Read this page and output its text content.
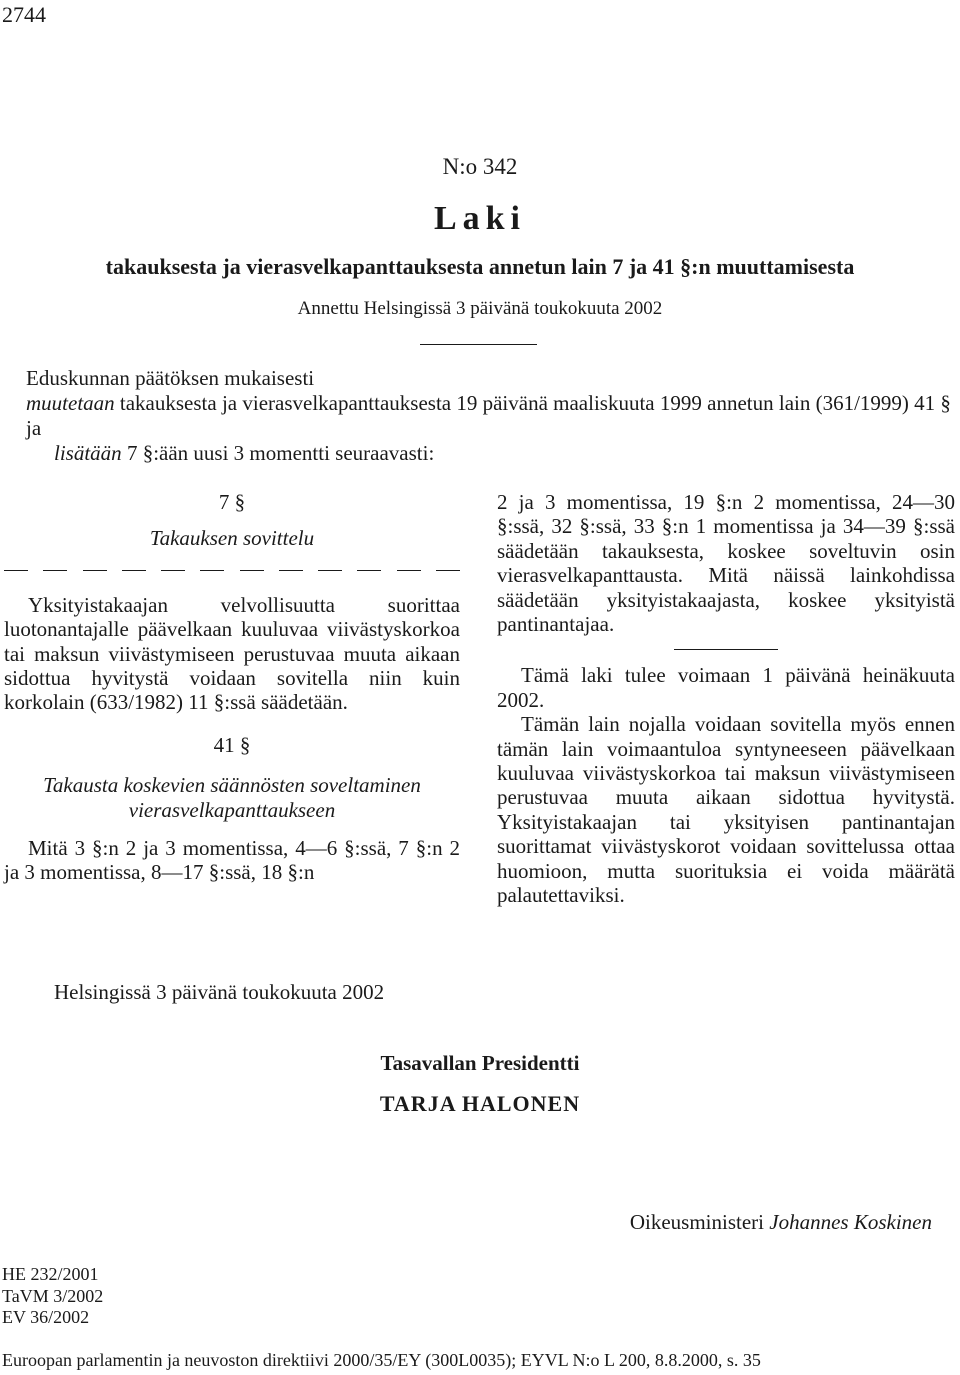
2744
N:o 342
Laki
takauksesta ja vierasvelkapanttauksesta annetun lain 7 ja 41 §:n muuttamisesta
Annettu Helsingissä 3 päivänä toukokuuta 2002

Eduskunnan päätöksen mukaisesti

muutetaan takauksesta ja vierasvelkapanttauksesta 19 päivänä maaliskuuta 1999 annetun lain (361/1999) 41 § ja

lisätään 7 §:ään uusi 3 momentti seuraavasti:

7 §

Takauksen sovittelu

Yksityistakaajan velvollisuutta suorittaa luotonantajalle päävelkaan kuuluvaa viivästyskorkoa tai maksun viivästymiseen perustuvaa muuta aikaan sidottua hyvitystä voidaan sovitella niin kuin korkolain (633/1982) 11 §:ssä säädetään.

41 §

Takausta koskevien säännösten soveltaminen

vierasvelkapanttaukseen

Mitä 3 §:n 2 ja 3 momentissa, 4—6 §:ssä, 7 §:n 2 ja 3 momentissa, 8—17 §:ssä, 18 §:n

2 ja 3 momentissa, 19 §:n 2 momentissa, 24—30 §:ssä, 32 §:ssä, 33 §:n 1 momentissa ja 34—39 §:ssä säädetään takauksesta, koskee soveltuvin osin vierasvelkapanttausta. Mitä näissä lainkohdissa säädetään yksityistakaajasta, koskee yksityistä pantinantajaa.

Tämä laki tulee voimaan 1 päivänä heinäkuuta 2002.

Tämän lain nojalla voidaan sovitella myös ennen tämän lain voimaantuloa syntyneeseen päävelkaan kuuluvaa viivästyskorkoa tai maksun viivästymiseen perustuvaa muuta aikaan sidottua hyvitystä. Yksityistakaajan tai yksityisen pantinantajan suorittamat viivästyskorot voidaan sovittelussa ottaa huomioon, mutta suorituksia ei voida määrätä palautettaviksi.

Helsingissä 3 päivänä toukokuuta 2002
Tasavallan Presidentti
TARJA HALONEN
Oikeusministeri Johannes Koskinen
HE 232/2001
TaVM 3/2002
EV 36/2002
Euroopan parlamentin ja neuvoston direktiivi 2000/35/EY (300L0035); EYVL N:o L 200, 8.8.2000, s. 35
